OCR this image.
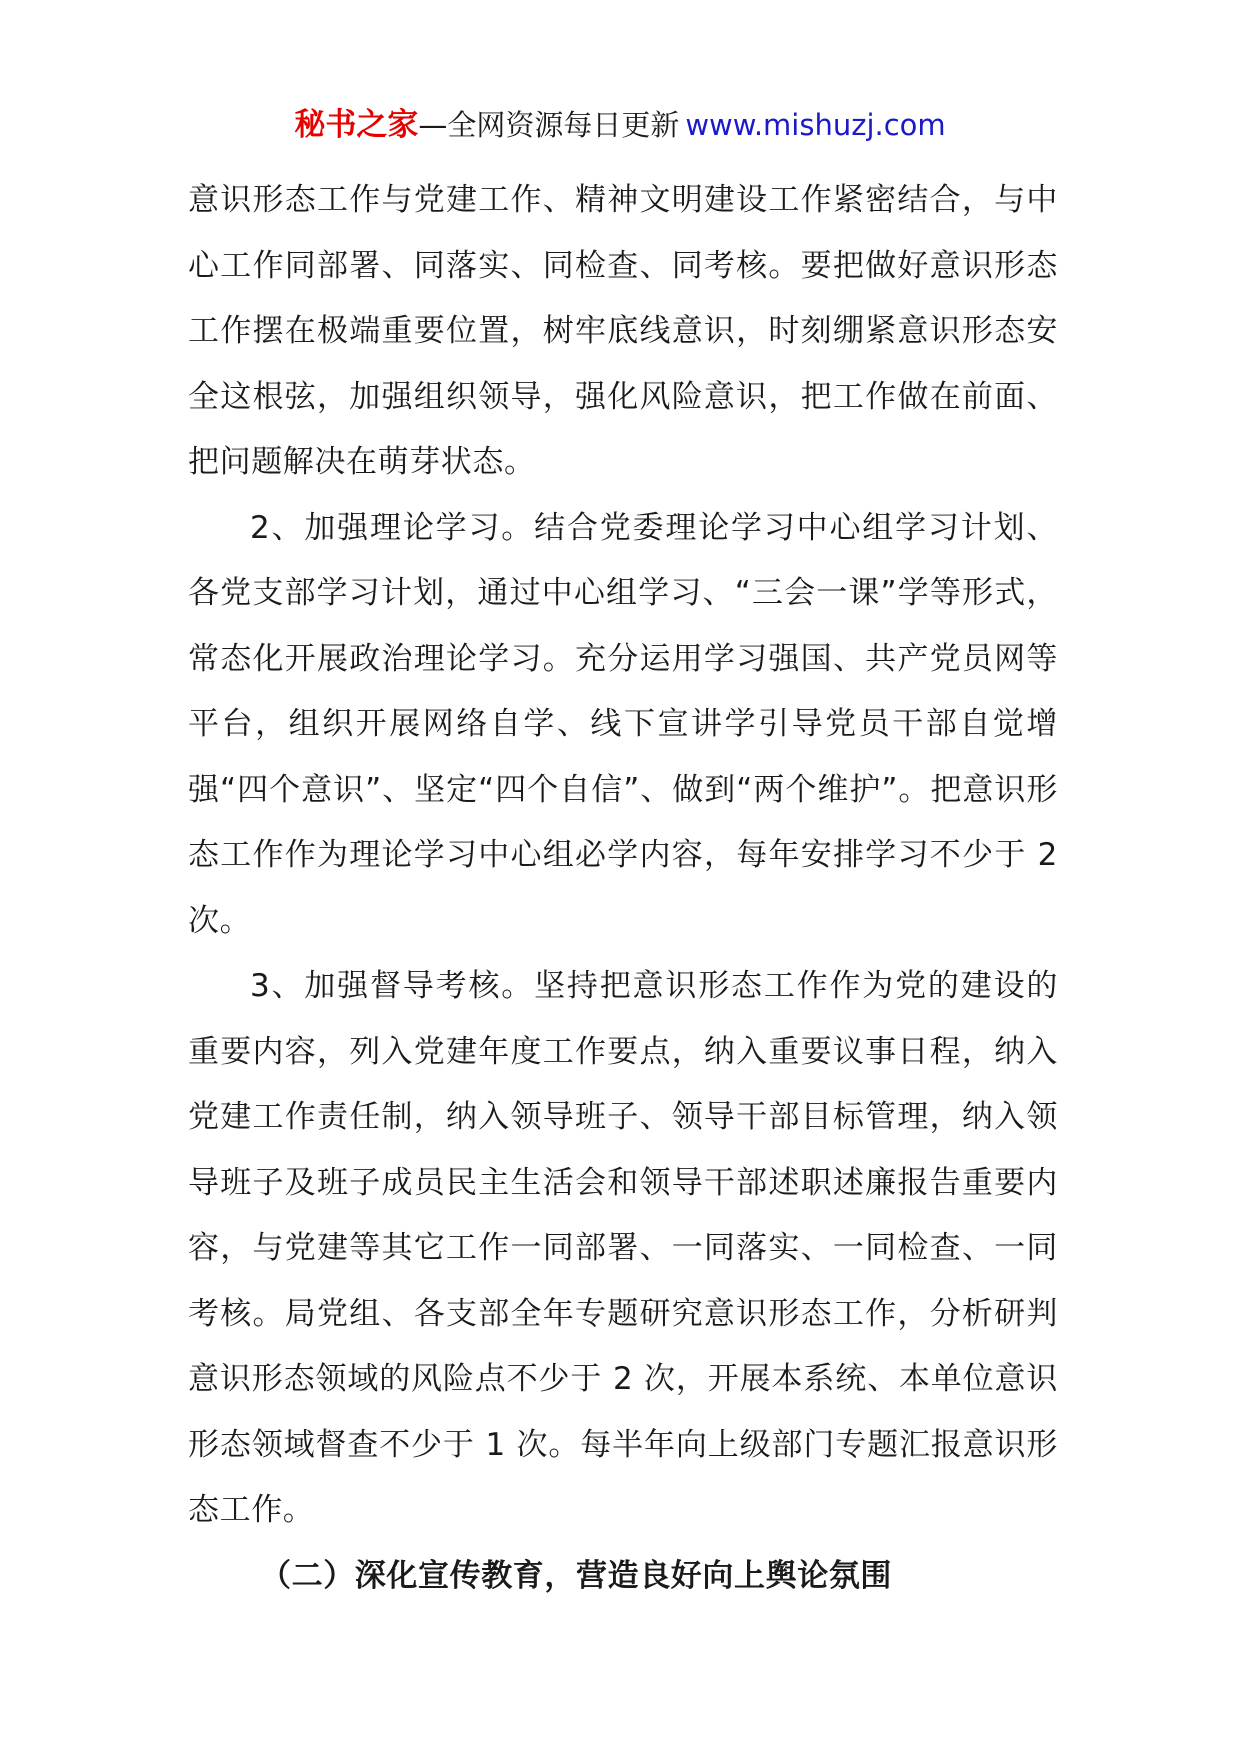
秘书之家—全网资源每日更新 www.mishuzj.com

意识形态工作与党建工作、精神文明建设工作紧密结合，与中心工作同部署、同落实、同检查、同考核。要把做好意识形态工作摆在极端重要位置，树牢底线意识，时刻绷紧意识形态安全这根弦，加强组织领导，强化风险意识，把工作做在前面、把问题解决在萌芽状态。

2、加强理论学习。结合党委理论学习中心组学习计划、各党支部学习计划，通过中心组学习、“三会一课”学等形式，常态化开展政治理论学习。充分运用学习强国、共产党员网等平台，组织开展网络自学、线下宣讲学引导党员干部自觉增强“四个意识”、坚定“四个自信”、做到“两个维护”。把意识形态工作作为理论学习中心组必学内容，每年安排学习不少于 2 次。

3、加强督导考核。坚持把意识形态工作作为党的建设的重要内容，列入党建年度工作要点，纳入重要议事日程，纳入党建工作责任制，纳入领导班子、领导干部目标管理，纳入领导班子及班子成员民主生活会和领导干部述职述廉报告重要内容，与党建等其它工作一同部署、一同落实、一同检查、一同考核。局党组、各支部全年专题研究意识形态工作，分析研判意识形态领域的风险点不少于 2 次，开展本系统、本单位意识形态领域督查不少于 1 次。每半年向上级部门专题汇报意识形态工作。

（二）深化宣传教育，营造良好向上舆论氛围
